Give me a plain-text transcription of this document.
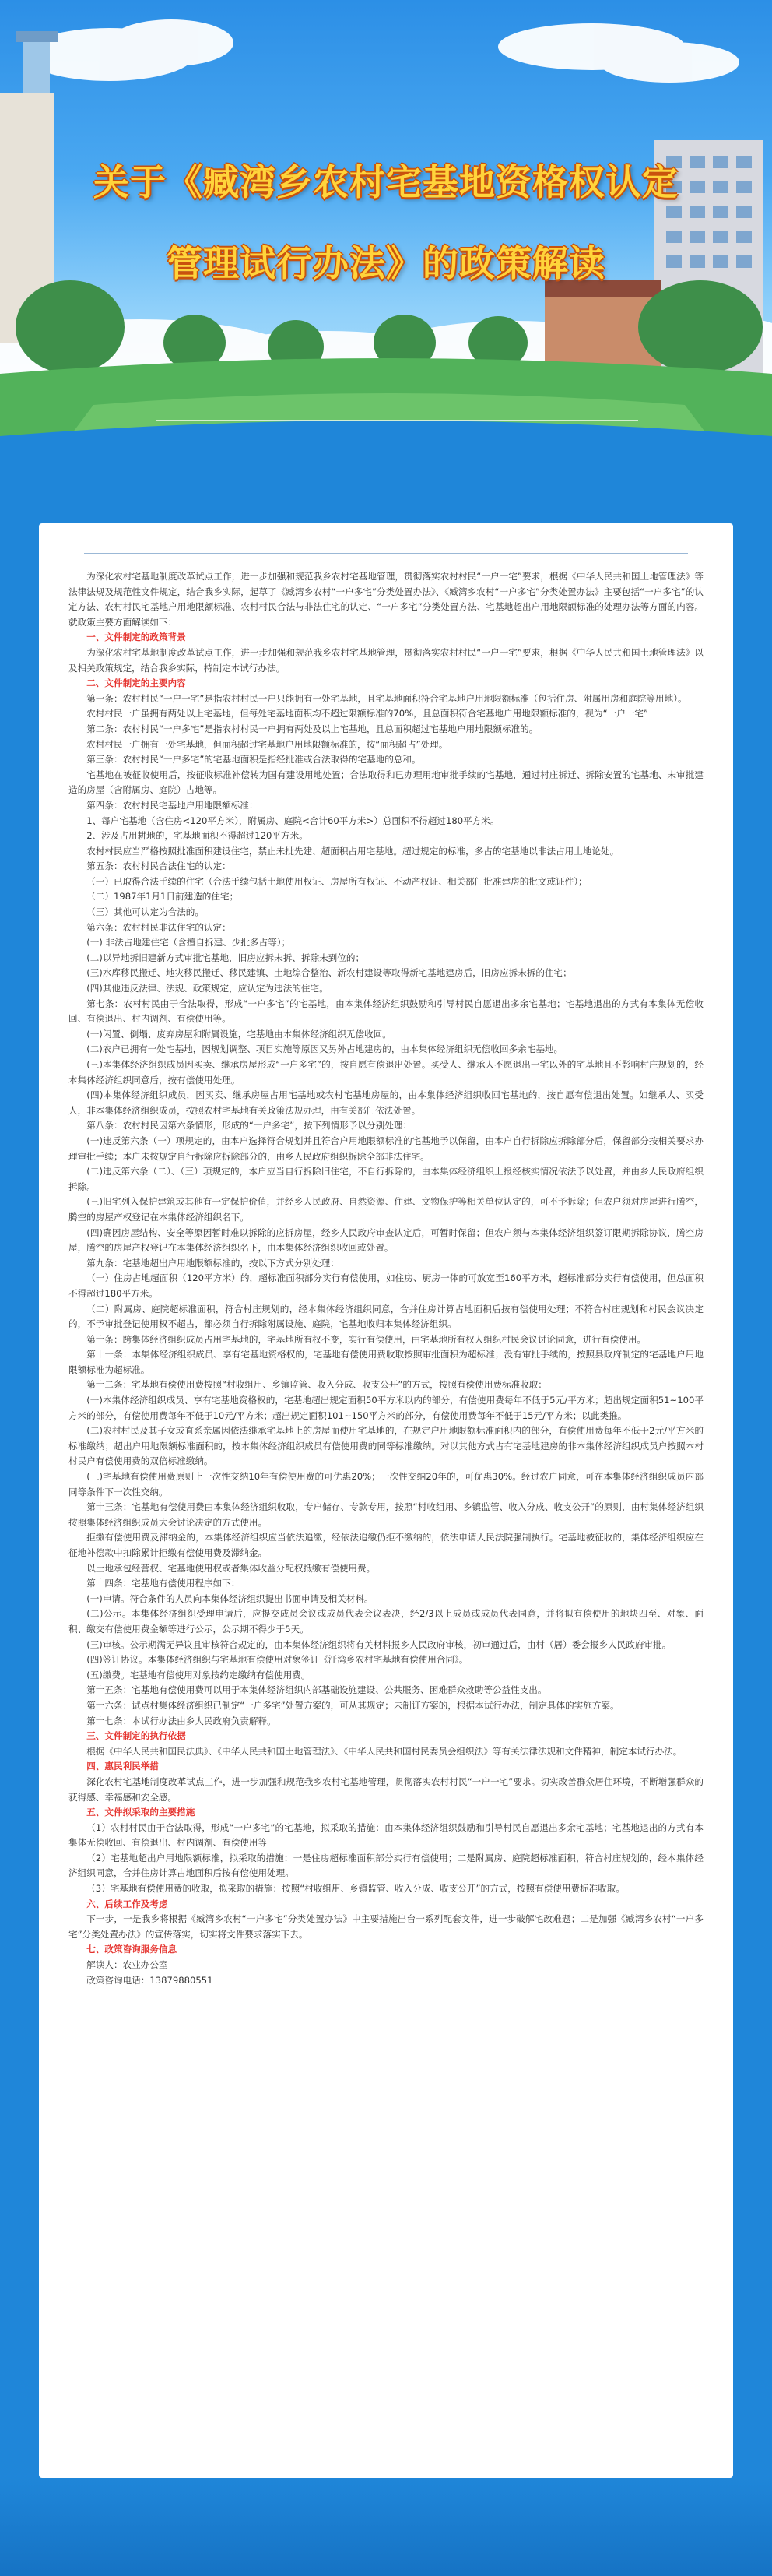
关于《臧湾乡农村宅基地资格权认定
管理试行办法》的政策解读

为深化农村宅基地制度改革试点工作，进一步加强和规范我乡农村宅基地管理，贯彻落实农村村民“一户一宅”要求，根据《中华人民共和国土地管理法》等法律法规及规范性文件规定，结合我乡实际，起草了《臧湾乡农村“一户多宅”分类处置办法》、《臧湾乡农村“一户多宅”分类处置办法》主要包括“一户多宅”的认定方法、农村村民宅基地户用地限额标准、农村村民合法与非法住宅的认定、“一户多宅”分类处置方法、宅基地超出户用地限额标准的处理办法等方面的内容。就政策主要方面解读如下：

一、文件制定的政策背景

为深化农村宅基地制度改革试点工作，进一步加强和规范我乡农村宅基地管理，贯彻落实农村村民“一户一宅”要求，根据《中华人民共和国土地管理法》以及相关政策规定，结合我乡实际，特制定本试行办法。

二、文件制定的主要内容

第一条：农村村民“一户一宅”是指农村村民一户只能拥有一处宅基地，且宅基地面积符合宅基地户用地限额标准（包括住房、附属用房和庭院等用地）。

农村村民一户虽拥有两处以上宅基地，但每处宅基地面积均不超过限额标准的70%，且总面积符合宅基地户用地限额标准的，视为“一户一宅”

第二条：农村村民“一户多宅”是指农村村民一户拥有两处及以上宅基地，且总面积超过宅基地户用地限额标准的。

农村村民一户拥有一处宅基地，但面积超过宅基地户用地限额标准的，按“面积超占”处理。

第三条：农村村民“一户多宅”的宅基地面积是指经批准或合法取得的宅基地的总和。

宅基地在被征收使用后，按征收标准补偿转为国有建设用地处置；合法取得和已办理用地审批手续的宅基地，通过村庄拆迁、拆除安置的宅基地、未审批建造的房屋（含附属房、庭院）占地等。

第四条：农村村民宅基地户用地限额标准：

1、每户宅基地（含住房<120平方米），附属房、庭院<合计60平方米>）总面积不得超过180平方米。

2、涉及占用耕地的，宅基地面积不得超过120平方米。

农村村民应当严格按照批准面积建设住宅，禁止未批先建、超面积占用宅基地。超过规定的标准，多占的宅基地以非法占用土地论处。

第五条：农村村民合法住宅的认定：

（一）已取得合法手续的住宅（合法手续包括土地使用权证、房屋所有权证、不动产权证、相关部门批准建房的批文或证件）；

（二）1987年1月1日前建造的住宅；

（三）其他可认定为合法的。

第六条：农村村民非法住宅的认定：

(一) 非法占地建住宅（含擅自拆建、少批多占等）；

(二)以异地拆旧建新方式审批宅基地，旧房应拆未拆、拆除未到位的；

(三)水库移民搬迁、地灾移民搬迁、移民建镇、土地综合整治、新农村建设等取得新宅基地建房后，旧房应拆未拆的住宅；

(四)其他违反法律、法规、政策规定，应认定为违法的住宅。

第七条：农村村民由于合法取得，形成“一户多宅”的宅基地，由本集体经济组织鼓励和引导村民自愿退出多余宅基地；宅基地退出的方式有本集体无偿收回、有偿退出、村内调剂、有偿使用等。

(一)闲置、倒塌、废弃房屋和附属设施，宅基地由本集体经济组织无偿收回。

(二)农户已拥有一处宅基地，因规划调整、项目实施等原因又另外占地建房的，由本集体经济组织无偿收回多余宅基地。

(三)本集体经济组织成员因买卖、继承房屋形成“一户多宅”的，按自愿有偿退出处置。买受人、继承人不愿退出一宅以外的宅基地且不影响村庄规划的，经本集体经济组织同意后，按有偿使用处理。

(四)本集体经济组织成员，因买卖、继承房屋占用宅基地或农村宅基地房屋的，由本集体经济组织收回宅基地的，按自愿有偿退出处置。如继承人、买受人，非本集体经济组织成员，按照农村宅基地有关政策法规办理，由有关部门依法处置。

第八条：农村村民因第六条情形，形成的“一户多宅”，按下列情形予以分别处理：

(一)违反第六条（一）项规定的，由本户选择符合规划并且符合户用地限额标准的宅基地予以保留，由本户自行拆除应拆除部分后，保留部分按相关要求办理审批手续；本户未按规定自行拆除应拆除部分的，由乡人民政府组织拆除全部非法住宅。

(二)违反第六条（二）、（三）项规定的，本户应当自行拆除旧住宅，不自行拆除的，由本集体经济组织上报经核实情况依法予以处置，并由乡人民政府组织拆除。

(三)旧宅列入保护建筑或其他有一定保护价值，并经乡人民政府、自然资源、住建、文物保护等相关单位认定的，可不予拆除；但农户须对房屋进行腾空，腾空的房屋产权登记在本集体经济组织名下。

(四)确因房屋结构、安全等原因暂时难以拆除的应拆房屋，经乡人民政府审查认定后，可暂时保留；但农户须与本集体经济组织签订限期拆除协议，腾空房屋，腾空的房屋产权登记在本集体经济组织名下，由本集体经济组织收回或处置。

第九条：宅基地超出户用地限额标准的，按以下方式分别处理：

（一）住房占地超面积（120平方米）的，超标准面积部分实行有偿使用，如住房、厨房一体的可放宽至160平方米，超标准部分实行有偿使用，但总面积不得超过180平方米。

（二）附属房、庭院超标准面积，符合村庄规划的，经本集体经济组织同意，合并住房计算占地面积后按有偿使用处理；不符合村庄规划和村民会议决定的，不予审批登记使用权不超占，都必须自行拆除附属设施、庭院，宅基地收归本集体经济组织。

第十条：跨集体经济组织成员占用宅基地的，宅基地所有权不变，实行有偿使用，由宅基地所有权人组织村民会议讨论同意，进行有偿使用。

第十一条：本集体经济组织成员、享有宅基地资格权的，宅基地有偿使用费收取按照审批面积为超标准；没有审批手续的，按照县政府制定的宅基地户用地限额标准为超标准。

第十二条：宅基地有偿使用费按照“村收组用、乡镇监管、收入分成、收支公开”的方式，按照有偿使用费标准收取：

(一)本集体经济组织成员、享有宅基地资格权的，宅基地超出规定面积50平方米以内的部分，有偿使用费每年不低于5元/平方米；超出规定面积51~100平方米的部分，有偿使用费每年不低于10元/平方米；超出规定面积101~150平方米的部分，有偿使用费每年不低于15元/平方米；以此类推。

(二)农村村民及其子女或直系亲属因依法继承宅基地上的房屋而使用宅基地的，在规定户用地限额标准面积内的部分，有偿使用费每年不低于2元/平方米的标准缴纳；超出户用地限额标准面积的，按本集体经济组织成员有偿使用费的同等标准缴纳。对以其他方式占有宅基地建房的非本集体经济组织成员户按照本村村民户有偿使用费的双倍标准缴纳。

(三)宅基地有偿使用费原则上一次性交纳10年有偿使用费的可优惠20%；一次性交纳20年的，可优惠30%。经过农户同意，可在本集体经济组织成员内部同等条件下一次性交纳。

第十三条：宅基地有偿使用费由本集体经济组织收取，专户储存、专款专用，按照“村收组用、乡镇监管、收入分成、收支公开”的原则，由村集体经济组织按照集体经济组织成员大会讨论决定的方式使用。

拒缴有偿使用费及滞纳金的，本集体经济组织应当依法追缴，经依法追缴仍拒不缴纳的，依法申请人民法院强制执行。宅基地被征收的，集体经济组织应在征地补偿款中扣除累计拒缴有偿使用费及滞纳金。

以土地承包经营权、宅基地使用权或者集体收益分配权抵缴有偿使用费。

第十四条：宅基地有偿使用程序如下：

(一)申请。符合条件的人员向本集体经济组织提出书面申请及相关材料。

(二)公示。本集体经济组织受理申请后，应提交成员会议或成员代表会议表决，经2/3以上成员或成员代表同意，并将拟有偿使用的地块四至、对象、面积、缴交有偿使用费金额等进行公示，公示期不得少于5天。

(三)审核。公示期满无异议且审核符合规定的，由本集体经济组织将有关材料报乡人民政府审核，初审通过后，由村（居）委会报乡人民政府审批。

(四)签订协议。本集体经济组织与宅基地有偿使用对象签订《汙湾乡农村宅基地有偿使用合同》。

(五)缴费。宅基地有偿使用对象按约定缴纳有偿使用费。

第十五条：宅基地有偿使用费可以用于本集体经济组织内部基础设施建设、公共服务、困难群众救助等公益性支出。

第十六条：试点村集体经济组织已制定“一户多宅”处置方案的，可从其规定；未制订方案的，根据本试行办法，制定具体的实施方案。

第十七条：本试行办法由乡人民政府负责解释。

三、文件制定的执行依据

根据《中华人民共和国民法典》、《中华人民共和国土地管理法》、《中华人民共和国村民委员会组织法》等有关法律法规和文件精神，制定本试行办法。

四、惠民利民举措

深化农村宅基地制度改革试点工作，进一步加强和规范我乡农村宅基地管理，贯彻落实农村村民“一户一宅”要求。切实改善群众居住环境，不断增强群众的获得感、幸福感和安全感。

五、文件拟采取的主要措施

（1）农村村民由于合法取得，形成“一户多宅”的宅基地，拟采取的措施：由本集体经济组织鼓励和引导村民自愿退出多余宅基地；宅基地退出的方式有本集体无偿收回、有偿退出、村内调剂、有偿使用等

（2）宅基地超出户用地限额标准，拟采取的措施：一是住房超标准面积部分实行有偿使用；二是附属房、庭院超标准面积，符合村庄规划的，经本集体经济组织同意，合并住房计算占地面积后按有偿使用处理。

（3）宅基地有偿使用费的收取，拟采取的措施：按照“村收组用、乡镇监管、收入分成、收支公开”的方式，按照有偿使用费标准收取。

六、后续工作及考虑

下一步，一是我乡将根据《臧湾乡农村“一户多宅”分类处置办法》中主要措施出台一系列配套文件，进一步破解宅改难题；二是加强《臧湾乡农村“一户多宅”分类处置办法》的宣传落实，切实将文件要求落实下去。

七、政策咨询服务信息

解读人：农业办公室

政策咨询电话：13879880551
